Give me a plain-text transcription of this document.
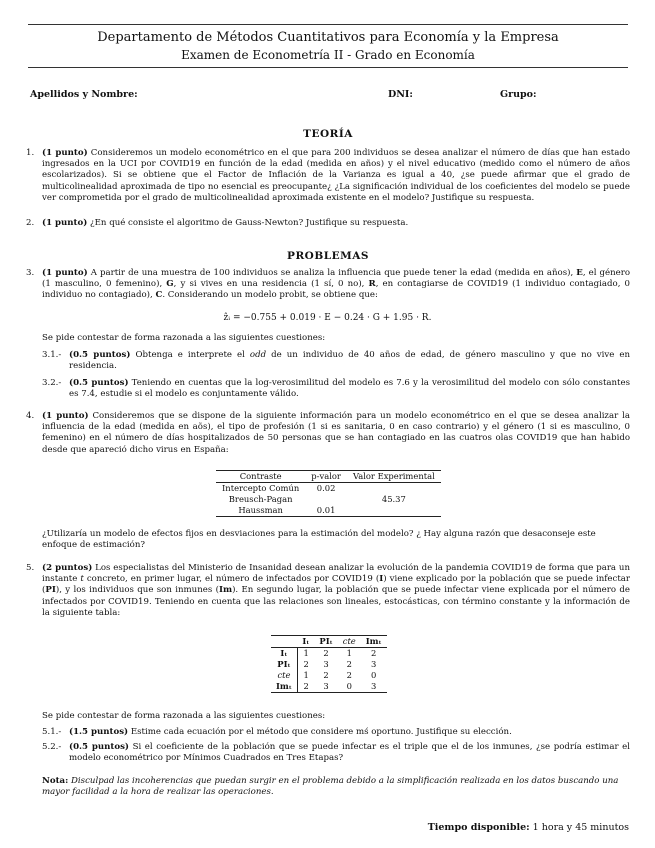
Departamento de Métodos Cuantitativos para Economía y la Empresa
Examen de Econometría II - Grado en Economía
Apellidos y Nombre:	DNI:	Grupo:
TEORÍA
1. (1 punto) Consideremos un modelo econométrico en el que para 200 individuos se desea analizar el número de días que han estado ingresados en la UCI por COVID19 en función de la edad (medida en años) y el nivel educativo (medido como el número de años escolarizados). Si se obtiene que el Factor de Inflación de la Varianza es igual a 40, ¿se puede afirmar que el grado de multicolinealidad aproximada de tipo no esencial es preocupante¿ ¿La significación individual de los coeficientes del modelo se puede ver comprometida por el grado de multicolinealidad aproximada existente en el modelo? Justifique su respuesta.
2. (1 punto) ¿En qué consiste el algoritmo de Gauss-Newton? Justifique su respuesta.
PROBLEMAS
3. (1 punto) A partir de una muestra de 100 individuos se analiza la influencia que puede tener la edad (medida en años), E, el género (1 masculino, 0 femenino), G, y si vives en una residencia (1 sí, 0 no), R, en contagiarse de COVID19 (1 individuo contagiado, 0 individuo no contagiado), C. Considerando un modelo probit, se obtiene que:
ẑᵢ = −0.755 + 0.019 · E − 0.24 · G + 1.95 · R.
Se pide contestar de forma razonada a las siguientes cuestiones:
3.1.- (0.5 puntos) Obtenga e interprete el odd de un individuo de 40 años de edad, de género masculino y que no vive en residencia.
3.2.- (0.5 puntos) Teniendo en cuentas que la log-verosimilitud del modelo es 7.6 y la verosimilitud del modelo con sólo constantes es 7.4, estudie si el modelo es conjuntamente válido.
4. (1 punto) Consideremos que se dispone de la siguiente información para un modelo econométrico en el que se desea analizar la influencia de la edad (medida en aõs), el tipo de profesión (1 si es sanitaria, 0 en caso contrario) y el género (1 si es masculino, 0 femenino) en el número de días hospitalizados de 50 personas que se han contagiado en las cuatros olas COVID19 que han habido desde que apareció dicho virus en España:
Contraste	p-valor	Valor Experimental
Intercepto Común	0.02	
Breusch-Pagan		45.37
Haussman	0.01	
¿Utilizaría un modelo de efectos fijos en desviaciones para la estimación del modelo? ¿ Hay alguna razón que desaconseje este enfoque de estimación?
5. (2 puntos) Los especialistas del Ministerio de Insanidad desean analizar la evolución de la pandemia COVID19 de forma que para un instante t concreto, en primer lugar, el número de infectados por COVID19 (I) viene explicado por la población que se puede infectar (PI), y los individuos que son inmunes (Im). En segundo lugar, la población que se puede infectar viene explicada por el número de infectados por COVID19. Teniendo en cuenta que las relaciones son lineales, estocásticas, con término constante y la información de la siguiente tabla:
	Iₜ	PIₜ	cte	Imₜ
Iₜ	1	2	1	2
PIₜ	2	3	2	3
cte	1	2	2	0
Imₜ	2	3	0	3
Se pide contestar de forma razonada a las siguientes cuestiones:
5.1.- (1.5 puntos) Estime cada ecuación por el método que considere mś oportuno. Justifique su elección.
5.2.- (0.5 puntos) Si el coeficiente de la población que se puede infectar es el triple que el de los inmunes, ¿se podría estimar el modelo econométrico por Mínimos Cuadrados en Tres Etapas?
Nota: Disculpad las incoherencias que puedan surgir en el problema debido a la simplificación realizada en los datos buscando una mayor facilidad a la hora de realizar las operaciones.
Tiempo disponible: 1 hora y 45 minutos
